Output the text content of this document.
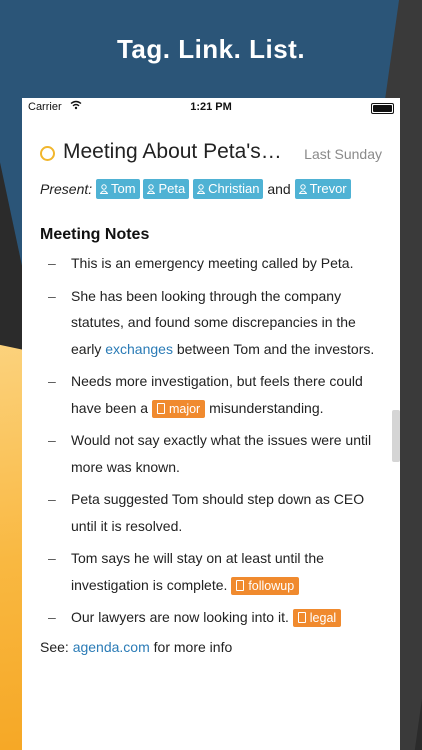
Tag. Link. List.
Carrier	1:21 PM
Meeting About Peta's… Last Sunday
Present: Tom Peta Christian and Trevor
Meeting Notes
– This is an emergency meeting called by Peta.
– She has been looking through the company statutes, and found some discrepancies in the early exchanges between Tom and the investors.
– Needs more investigation, but feels there could have been a major misunderstanding.
– Would not say exactly what the issues were until more was known.
– Peta suggested Tom should step down as CEO until it is resolved.
– Tom says he will stay on at least until the investigation is complete. followup
– Our lawyers are now looking into it. legal
See: agenda.com for more info
